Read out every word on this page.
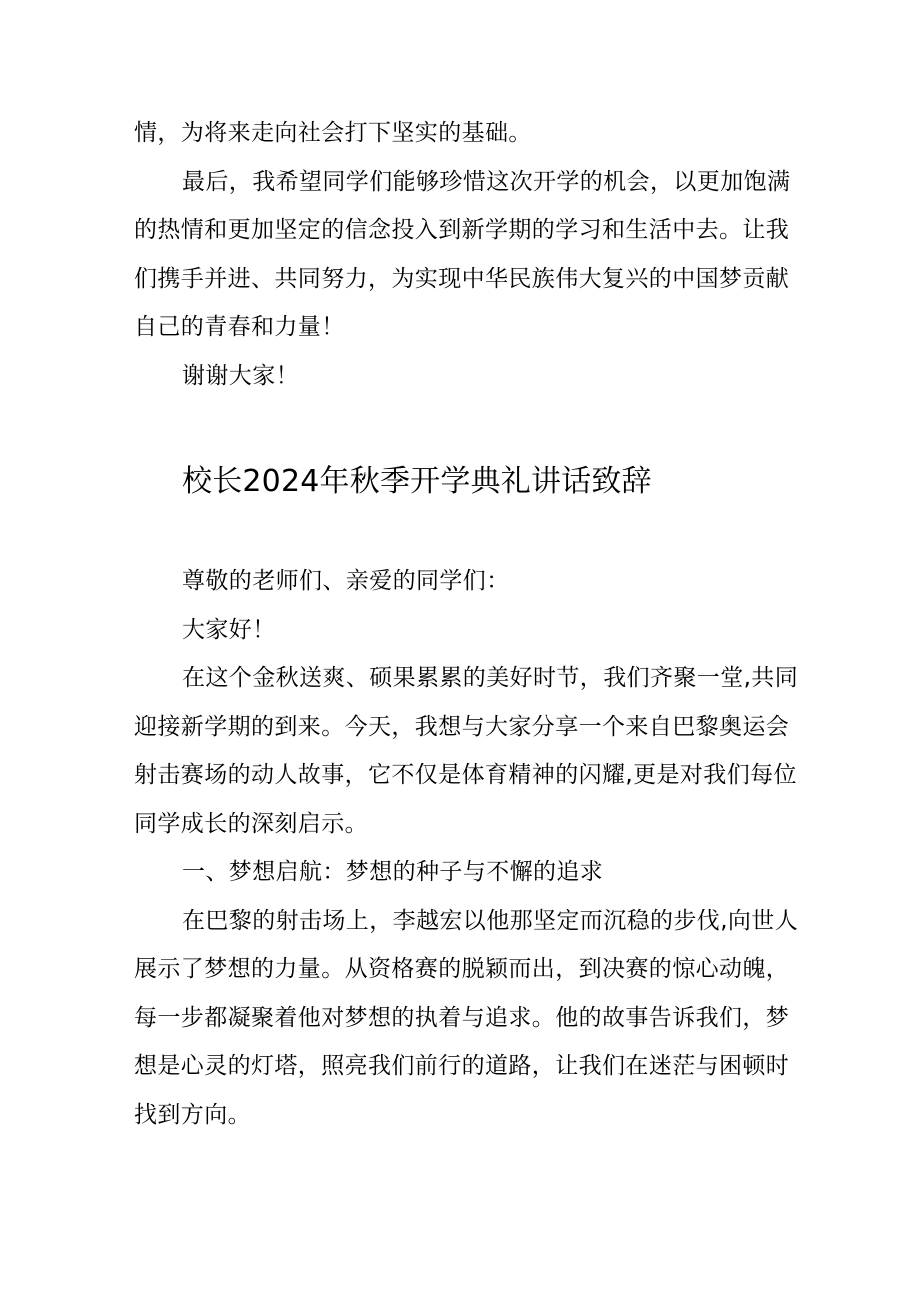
情，为将来走向社会打下坚实的基础。
最后，我希望同学们能够珍惜这次开学的机会，以更加饱满
的热情和更加坚定的信念投入到新学期的学习和生活中去。让我
们携手并进、共同努力，为实现中华民族伟大复兴的中国梦贡献
自己的青春和力量！
谢谢大家！
校长2024年秋季开学典礼讲话致辞
尊敬的老师们、亲爱的同学们：
大家好！
在这个金秋送爽、硕果累累的美好时节，我们齐聚一堂,共同
迎接新学期的到来。今天，我想与大家分享一个来自巴黎奥运会
射击赛场的动人故事，它不仅是体育精神的闪耀,更是对我们每位
同学成长的深刻启示。
一、梦想启航：梦想的种子与不懈的追求
在巴黎的射击场上，李越宏以他那坚定而沉稳的步伐,向世人
展示了梦想的力量。从资格赛的脱颖而出，到决赛的惊心动魄，
每一步都凝聚着他对梦想的执着与追求。他的故事告诉我们，梦
想是心灵的灯塔，照亮我们前行的道路，让我们在迷茫与困顿时
找到方向。
